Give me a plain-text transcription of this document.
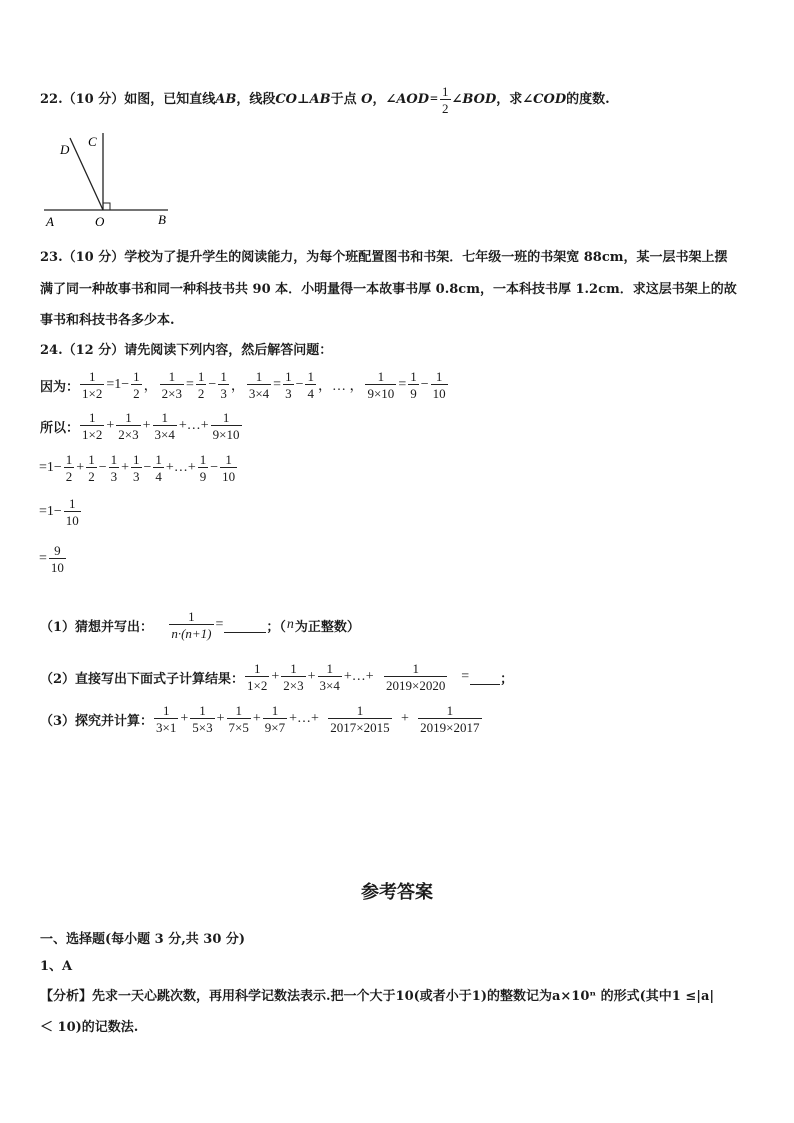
22.（10 分）如图，已知直线 AB ，线段 CO ⊥ AB 于点
O ， ∠AOD = $\frac{1}{2}$ ∠BOD ，求 ∠COD 的度数.
D
C
A	O	B
23.（10 分）学校为了提升学生的阅读能力，为每个班配置图书和书架．七年级一班的书架宽 88cm，某一层书架上摆
满了同一种故事书和同一种科技书共 90 本．小明量得一本故事书厚 0.8cm，一本科技书厚 1.2cm．求这层书架上的故
事书和科技书各多少本.
24.（12 分）请先阅读下列内容，然后解答问题：
因为： $\frac{1}{1\times 2} =1- \frac{1}{2}$ ， $\frac{1}{2\times 3} = \frac{1}{2} - \frac{1}{3}$ ， $\frac{1}{3\times 4} = \frac{1}{3} - \frac{1}{4}$ ，… ， $\frac{1}{9\times 10} = \frac{1}{9} - \frac{1}{10}$
所以： $\frac{1}{1\times 2} + \frac{1}{2\times 3} + \frac{1}{3\times 4}$ +…+ $\frac{1}{9\times 10}$
$=1- \frac{1}{2} + \frac{1}{2} - \frac{1}{3} + \frac{1}{3} - \frac{1}{4}$ +…+ $\frac{1}{9} - \frac{1}{10}$
$=1- \frac{1}{10}$
= $\frac{9}{10}$
（1）猜想并写出：
$\frac{1}{n\cdot(n+1)}$ =	；（ n 为正整数）
（2）直接写出下面式子计算结果： $\frac{1}{1\times 2} + \frac{1}{2\times 3} + \frac{1}{3\times 4}$ +…+ $\frac{1}{2019\times 2020}$ = ；
（3）探究并计算： $\frac{1}{3\times 1} + \frac{1}{5\times 3} + \frac{1}{7\times 5} + \frac{1}{9\times 7}$ +…+ $\frac{1}{2017\times 2015} + \frac{1}{2019\times 2017}$
参考答案
一、选择题(每小题 3 分,共 30 分)
1、A
【分析】先求一天心跳次数，再用科学记数法表示.把一个大于10(或者小于1)的整数记为a×10ⁿ 的形式(其中1 ≤|a|
＜ 10)的记数法.
